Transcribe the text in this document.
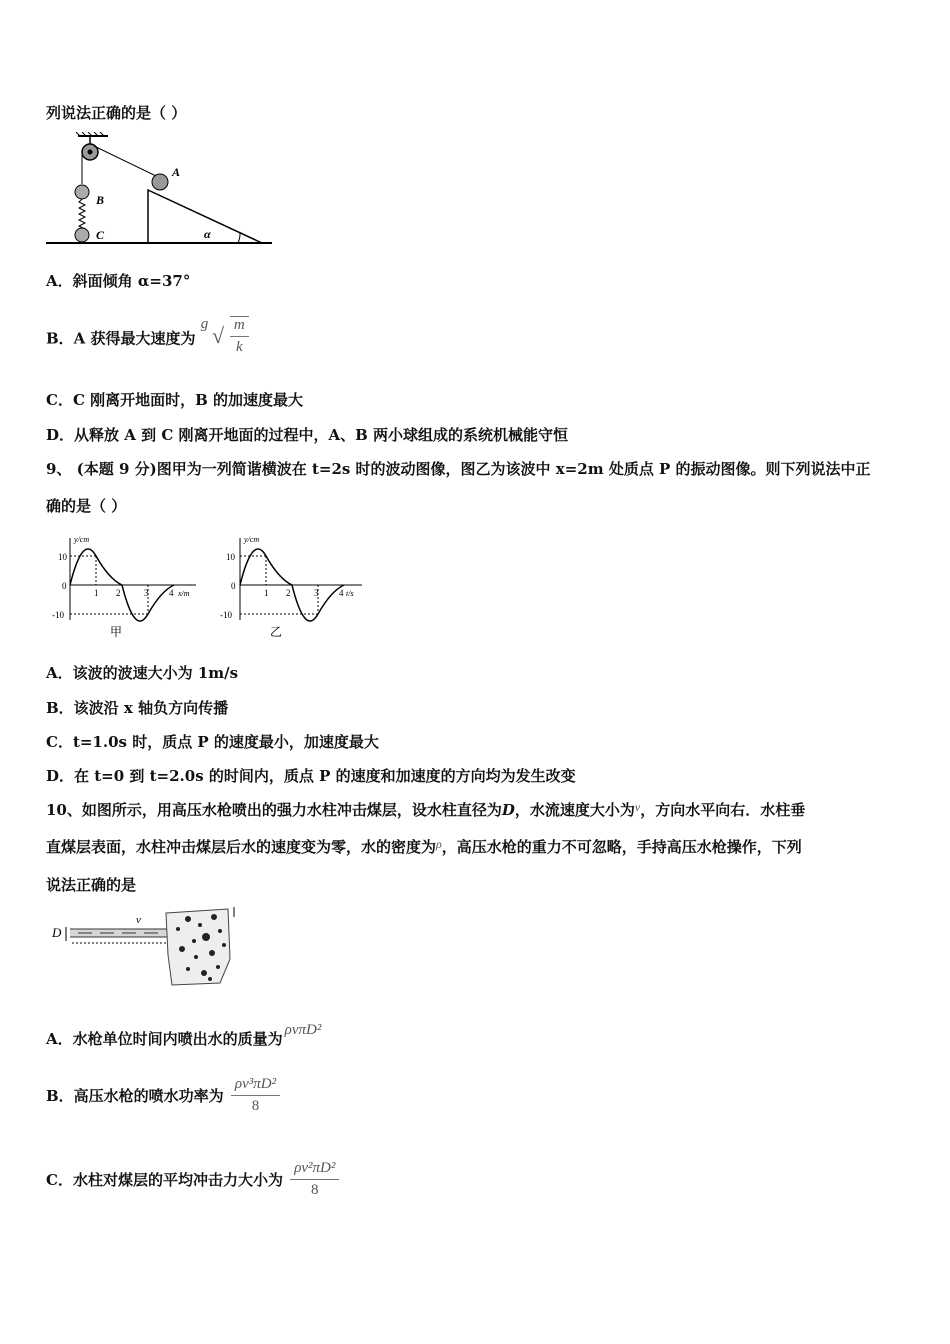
列说法正确的是（ ）
A
B
C	α
A．斜面倾角 α=37°
B．A 获得最大速度为 g √ $\frac{m}{k}$
C．C 刚离开地面时，B 的加速度最大
D．从释放 A 到 C 刚离开地面的过程中，A、B 两小球组成的系统机械能守恒
9、 (本题 9 分)图甲为一列简谐横波在 t=2s 时的波动图像，图乙为该波中 x=2m 处质点 P 的振动图像。则下列说法中正
确的是（ ）
y/cm
x/m
10
0
-10
1 2	3 4
甲
y/cm
t/s
10
0
-10
1 2	3 4
乙
A．该波的波速大小为 1m/s
B．该波沿 x 轴负方向传播
C．t=1.0s 时，质点 P 的速度最小，加速度最大
D．在 t=0 到 t=2.0s 的时间内，质点 P 的速度和加速度的方向均为发生改变
10、如图所示，用高压水枪喷出的强力水柱冲击煤层，设水柱直径为D，水流速度大小为$^v$，方向水平向右．水柱垂
直煤层表面，水柱冲击煤层后水的速度变为零，水的密度为$^\rho$，高压水枪的重力不可忽略，手持高压水枪操作，下列
说法正确的是
D
v
A．水枪单位时间内喷出水的质量为 ρvπD²
B．高压水枪的喷水功率为 $\frac{\text{ρv³πD²}}{8}$
C．水柱对煤层的平均冲击力大小为 $\frac{\text{ρv²πD²}}{8}$
